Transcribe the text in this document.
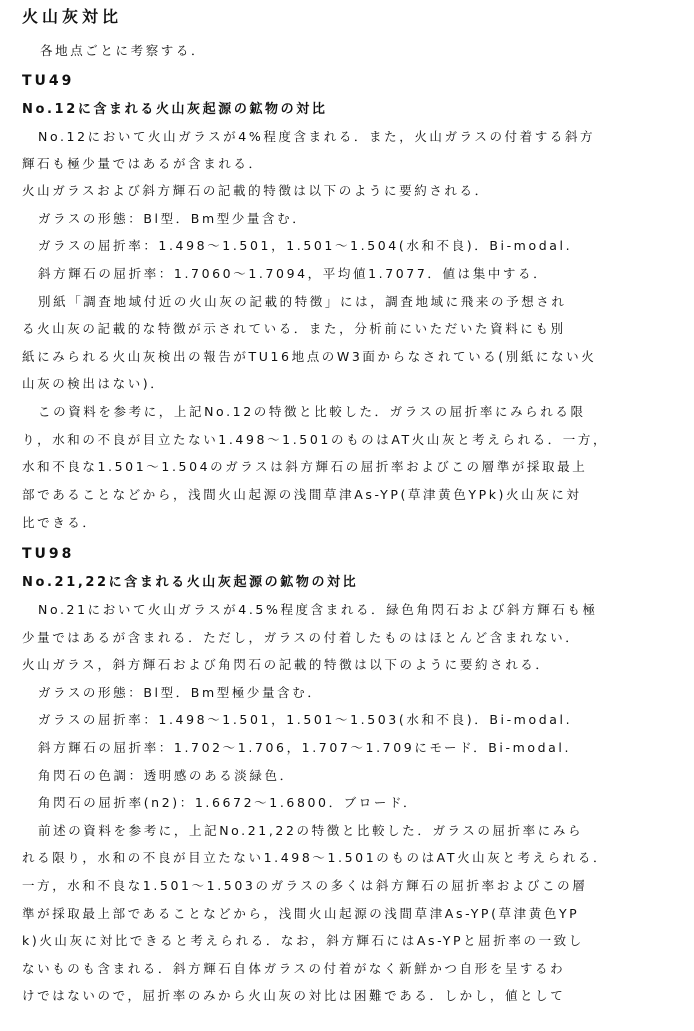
火山灰対比

各地点ごとに考察する．

TU49

No.12に含まれる火山灰起源の鉱物の対比

No.12において火山ガラスが4%程度含まれる．また，火山ガラスの付着する斜方

輝石も極少量ではあるが含まれる．

火山ガラスおよび斜方輝石の記載的特徴は以下のように要約される．

ガラスの形態：Bl型．Bm型少量含む．

ガラスの屈折率：1.498～1.501，1.501～1.504(水和不良)．Bi-modal.

斜方輝石の屈折率：1.7060～1.7094，平均値1.7077．値は集中する．

別紙「調査地域付近の火山灰の記載的特徴」には，調査地域に飛来の予想され

る火山灰の記載的な特徴が示されている．また，分析前にいただいた資料にも別

紙にみられる火山灰検出の報告がTU16地点のW3面からなされている(別紙にない火

山灰の検出はない)．

この資料を参考に，上記No.12の特徴と比較した．ガラスの屈折率にみられる限

り，水和の不良が目立たない1.498～1.501のものはAT火山灰と考えられる．一方，

水和不良な1.501～1.504のガラスは斜方輝石の屈折率およびこの層準が採取最上

部であることなどから，浅間火山起源の浅間草津As-YP(草津黄色YPk)火山灰に対

比できる．

TU98

No.21,22に含まれる火山灰起源の鉱物の対比

No.21において火山ガラスが4.5%程度含まれる．緑色角閃石および斜方輝石も極

少量ではあるが含まれる．ただし，ガラスの付着したものはほとんど含まれない．

火山ガラス，斜方輝石および角閃石の記載的特徴は以下のように要約される．

ガラスの形態：Bl型．Bm型極少量含む．

ガラスの屈折率：1.498～1.501，1.501～1.503(水和不良)．Bi-modal.

斜方輝石の屈折率：1.702～1.706，1.707～1.709にモード．Bi-modal.

角閃石の色調：透明感のある淡緑色．

角閃石の屈折率(n2)：1.6672～1.6800．ブロード．

前述の資料を参考に，上記No.21,22の特徴と比較した．ガラスの屈折率にみら

れる限り，水和の不良が目立たない1.498～1.501のものはAT火山灰と考えられる．

一方，水和不良な1.501～1.503のガラスの多くは斜方輝石の屈折率およびこの層

準が採取最上部であることなどから，浅間火山起源の浅間草津As-YP(草津黄色YP

k)火山灰に対比できると考えられる．なお，斜方輝石にはAs-YPと屈折率の一致し

ないものも含まれる．斜方輝石自体ガラスの付着がなく新鮮かつ自形を呈するわ

けではないので，屈折率のみから火山灰の対比は困難である．しかし，値として
